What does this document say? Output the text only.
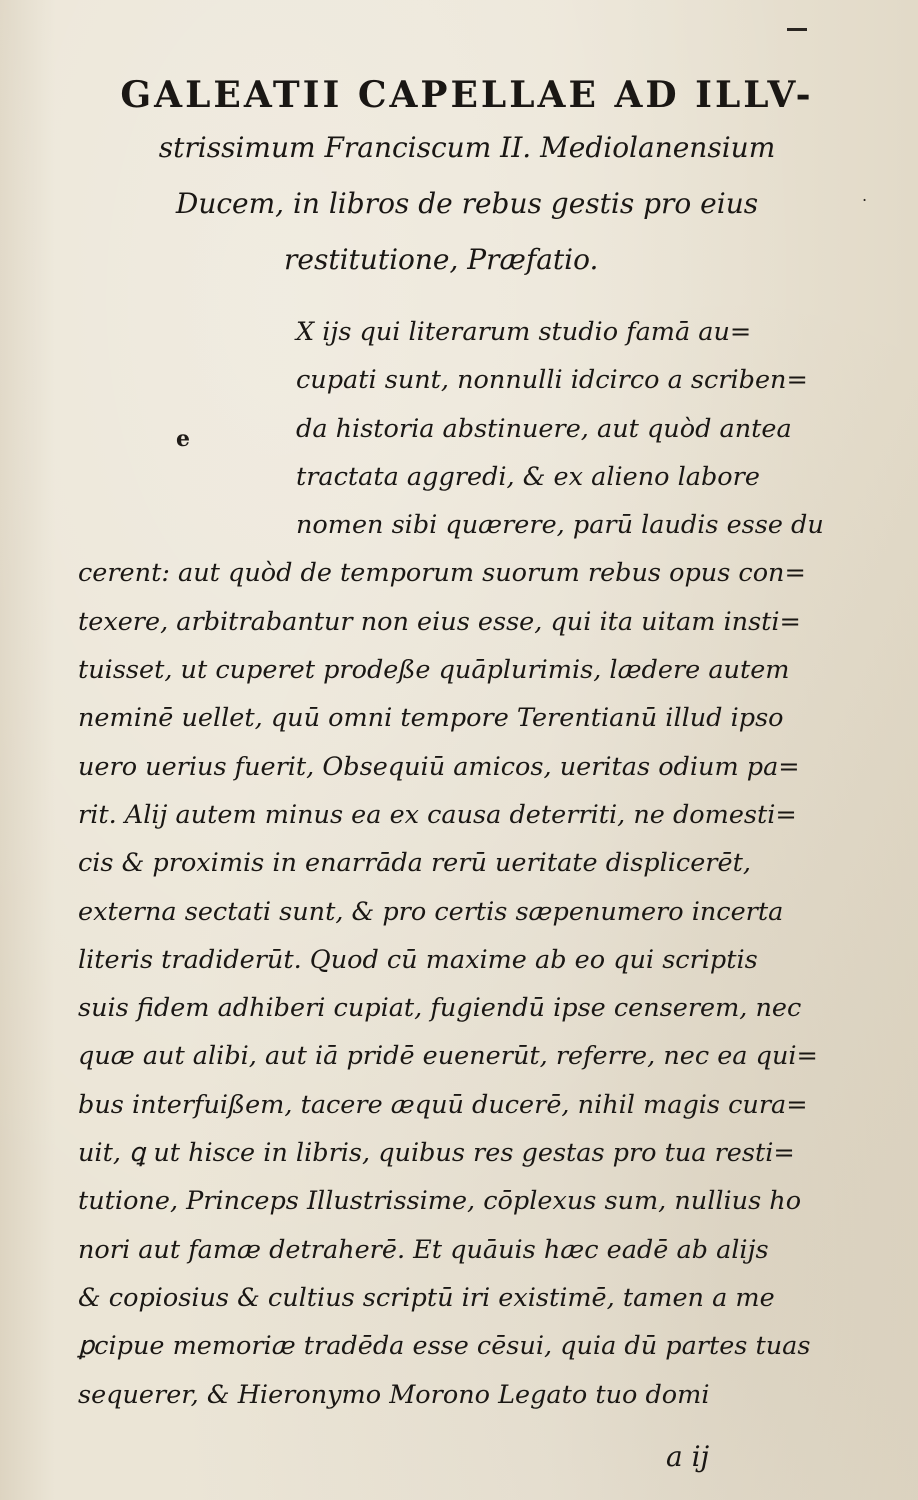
GALEATII CAPELLAE AD ILLV-
strissimum Franciscum II. Mediolanensium
Ducem, in libros de rebus gestis pro eius
restitutione, Præfatio.
.
e
X ijs qui literarum studio famā au=
cupati sunt, nonnulli idcirco a scriben=
da historia abstinuere, aut quòd antea
tractata aggredi, & ex alieno labore
nomen sibi quærere, parū laudis esse du
cerent: aut quòd de temporum suorum rebus opus con=
texere, arbitrabantur non eius esse, qui ita uitam insti=
tuisset, ut cuperet prodeße quāplurimis, lædere autem
neminē uellet, quū omni tempore Terentianū illud ipso
uero uerius fuerit, Obsequiū amicos, ueritas odium pa=
rit. Alij autem minus ea ex causa deterriti, ne domesti=
cis & proximis in enarrāda rerū ueritate displicerēt,
externa sectati sunt, & pro certis sæpenumero incerta
literis tradiderūt. Quod cū maxime ab eo qui scriptis
suis fidem adhiberi cupiat, fugiendū ipse censerem, nec
quæ aut alibi, aut iā pridē euenerūt, referre, nec ea qui=
bus interfuißem, tacere æquū ducerē, nihil magis cura=
uit, ꝗ ut hisce in libris, quibus res gestas pro tua resti=
tutione, Princeps Illustrissime, cōplexus sum, nullius ho
nori aut famæ detraherē. Et quāuis hæc eadē ab alijs
& copiosius & cultius scriptū iri existimē, tamen a me
ꝑcipue memoriæ tradēda esse cēsui, quia dū partes tuas
sequerer, & Hieronymo Morono Legato tuo domi
a ij
